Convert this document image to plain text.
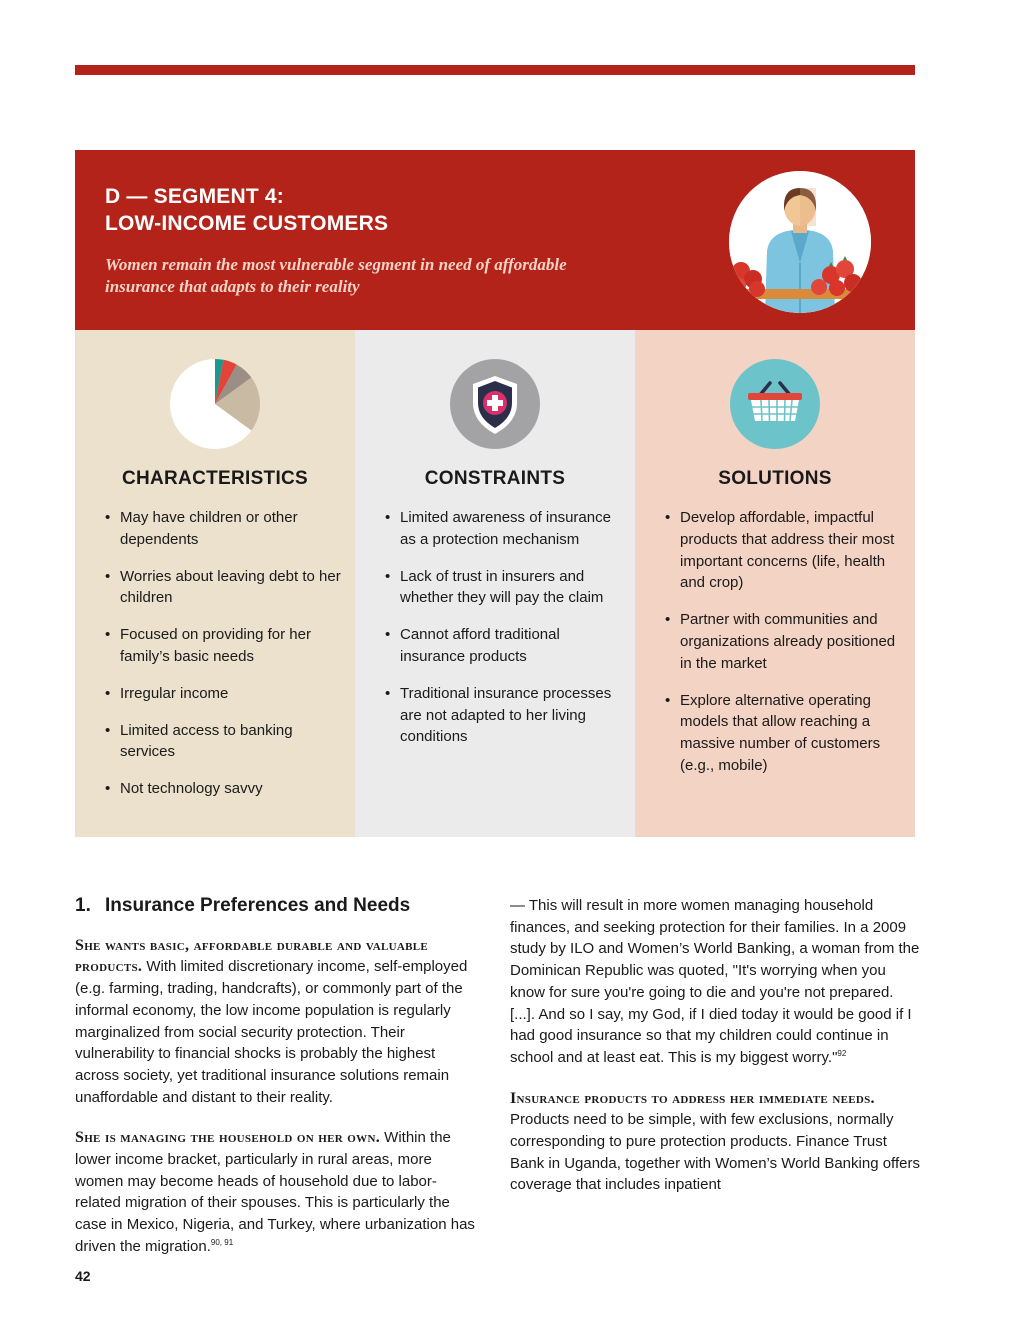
D — SEGMENT 4:
LOW-INCOME CUSTOMERS
Women remain the most vulnerable segment in need of affordable insurance that adapts to their reality
CHARACTERISTICS
• May have children or other dependents
• Worries about leaving debt to her children
• Focused on providing for her family’s basic needs
• Irregular income
• Limited access to banking services
• Not technology savvy
CONSTRAINTS
• Limited awareness of insurance as a protection mechanism
• Lack of trust in insurers and whether they will pay the claim
• Cannot afford traditional insurance products
• Traditional insurance processes are not adapted to her living conditions
SOLUTIONS
• Develop affordable, impactful products that address their most important concerns (life, health and crop)
• Partner with communities and organizations already positioned in the market
• Explore alternative operating models that allow reaching a massive number of customers (e.g., mobile)
1. Insurance Preferences and Needs

She wants basic, affordable durable and valuable products. With limited discretionary income, self-employed (e.g. farming, trading, handcrafts), or commonly part of the informal economy, the low income population is regularly marginalized from social security protection. Their vulnerability to financial shocks is probably the highest across society, yet traditional insurance solutions remain unaffordable and distant to their reality.

She is managing the household on her own. Within the lower income bracket, particularly in rural areas, more women may become heads of household due to labor-related migration of their spouses. This is particularly the case in Mexico, Nigeria, and Turkey, where urbanization has driven the migration.$^{90, 91}$

— This will result in more women managing household finances, and seeking protection for their families. In a 2009 study by ILO and Women’s World Banking, a woman from the Dominican Republic was quoted, "It's worrying when you know for sure you're going to die and you're not prepared. [...]. And so I say, my God, if I died today it would be good if I had good insurance so that my children could continue in school and at least eat. This is my biggest worry."$^{92}$

Insurance products to address her immediate needs. Products need to be simple, with few exclusions, normally corresponding to pure protection products. Finance Trust Bank in Uganda, together with Women’s World Banking offers coverage that includes inpatient

42
